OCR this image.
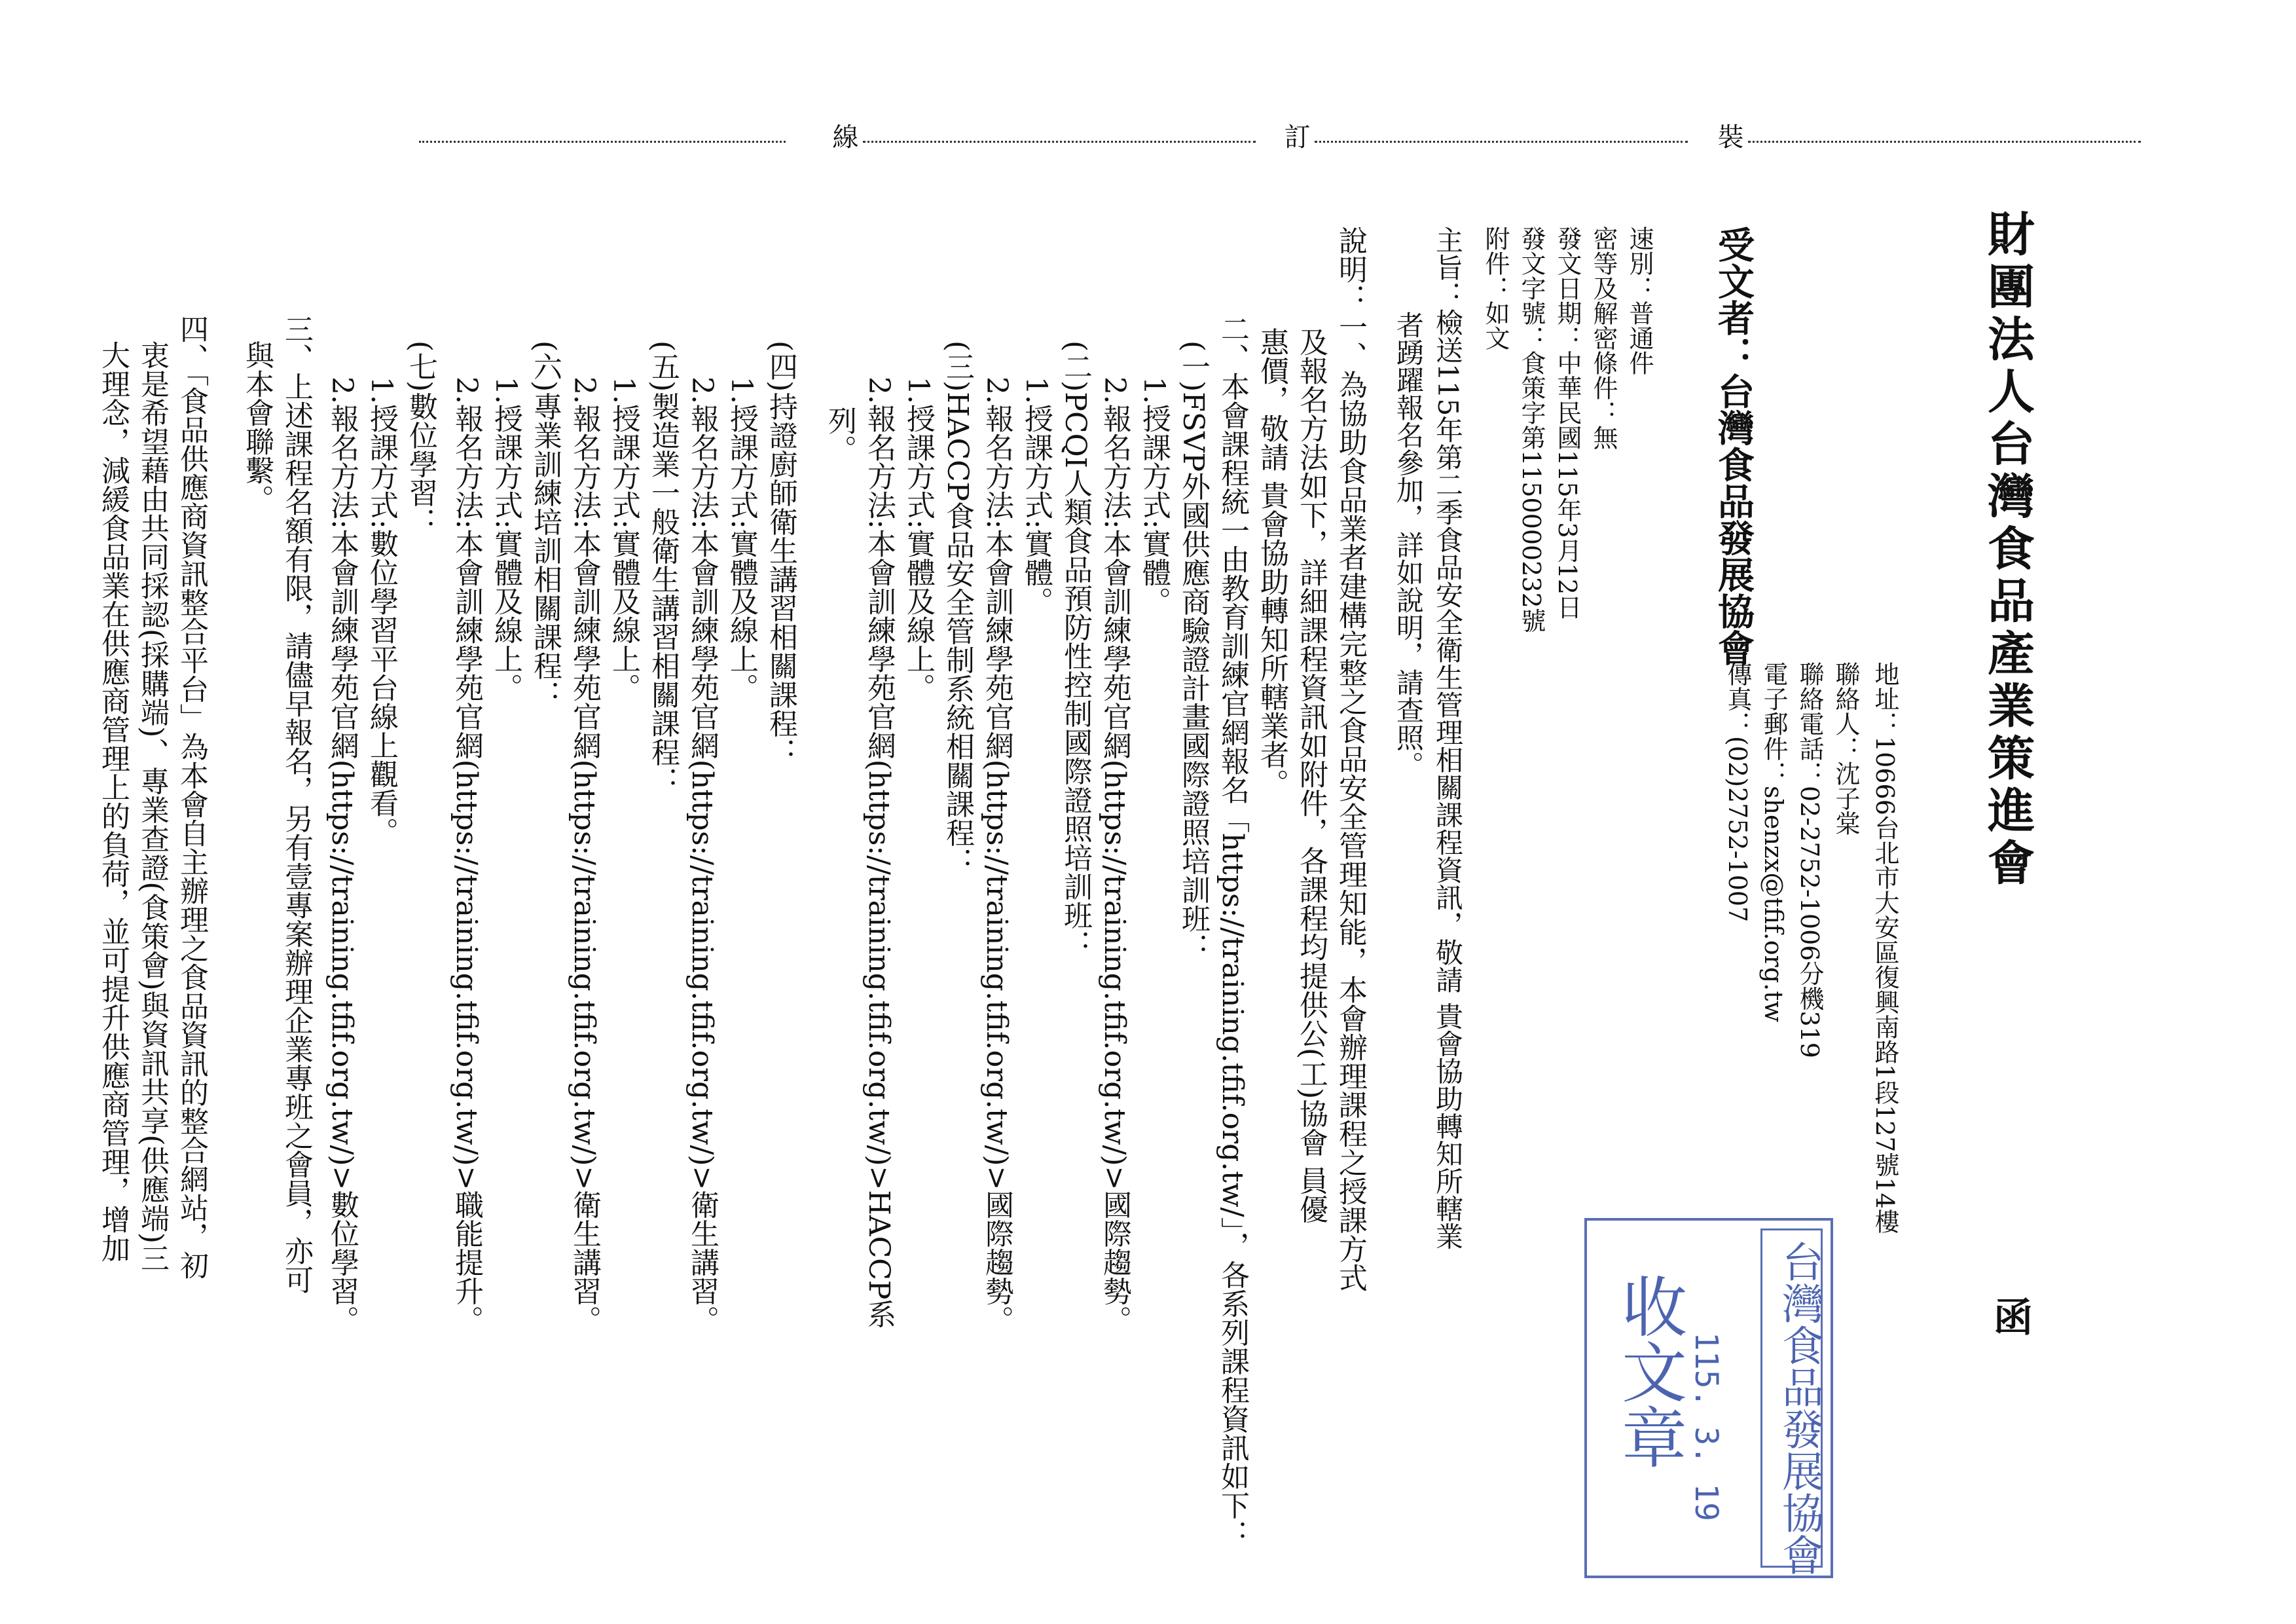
線	訂	裝
財團法人台灣食品產業策進會
函
地址：10666台北市大安區復興南路1段127號14樓
聯絡人：沈子棠
聯絡電話：02-2752-1006分機319
電子郵件：shenzx@tfif.org.tw
傳真：(02)2752-1007
受文者：台灣食品發展協會
速別：普通件
密等及解密條件：無
發文日期：中華民國115年3月12日
發文字號：食策字第1150000232號
附件：如文
主旨：檢送115年第二季食品安全衛生管理相關課程資訊，敬請 貴會協助轉知所轄業
者踴躍報名參加，詳如說明，請查照。
說明：一、為協助食品業者建構完整之食品安全管理知能，本會辦理課程之授課方式
及報名方法如下，詳細課程資訊如附件，各課程均提供公(工)協會 員優
惠價，敬請 貴會協助轉知所轄業者。
二、本會課程統一由教育訓練官網報名「https://training.tfif.org.tw/」，各系列課程資訊如下：
(一)FSVP外國供應商驗證計畫國際證照培訓班：
1.授課方式:實體。
2.報名方法:本會訓練學苑官網(https://training.tfif.org.tw/)>國際趨勢。
(二)PCQI人類食品預防性控制國際證照培訓班：
1.授課方式:實體。
2.報名方法:本會訓練學苑官網(https://training.tfif.org.tw/)>國際趨勢。
(三)HACCP食品安全管制系統相關課程：
1.授課方式:實體及線上。
2.報名方法:本會訓練學苑官網(https://training.tfif.org.tw/)>HACCP系
列。
(四)持證廚師衛生講習相關課程：
1.授課方式:實體及線上。
2.報名方法:本會訓練學苑官網(https://training.tfif.org.tw/)>衛生講習。
(五)製造業一般衛生講習相關課程：
1.授課方式:實體及線上。
2.報名方法:本會訓練學苑官網(https://training.tfif.org.tw/)>衛生講習。
(六)專業訓練培訓相關課程：
1.授課方式:實體及線上。
2.報名方法:本會訓練學苑官網(https://training.tfif.org.tw/)>職能提升。
(七)數位學習：
1.授課方式:數位學習平台線上觀看。
2.報名方法:本會訓練學苑官網(https://training.tfif.org.tw/)>數位學習。
三、上述課程名額有限，請儘早報名，另有壹專案辦理企業專班之會員，亦可
與本會聯繫。
四、「食品供應商資訊整合平台」為本會自主辦理之食品資訊的整合網站，初
衷是希望藉由共同採認(採購端)、專業查證(食策會)與資訊共享(供應端)三
大理念，減緩食品業在供應商管理上的負荷，並可提升供應商管理，增加
台灣食品發展協會
115. 3. 19
收文章
